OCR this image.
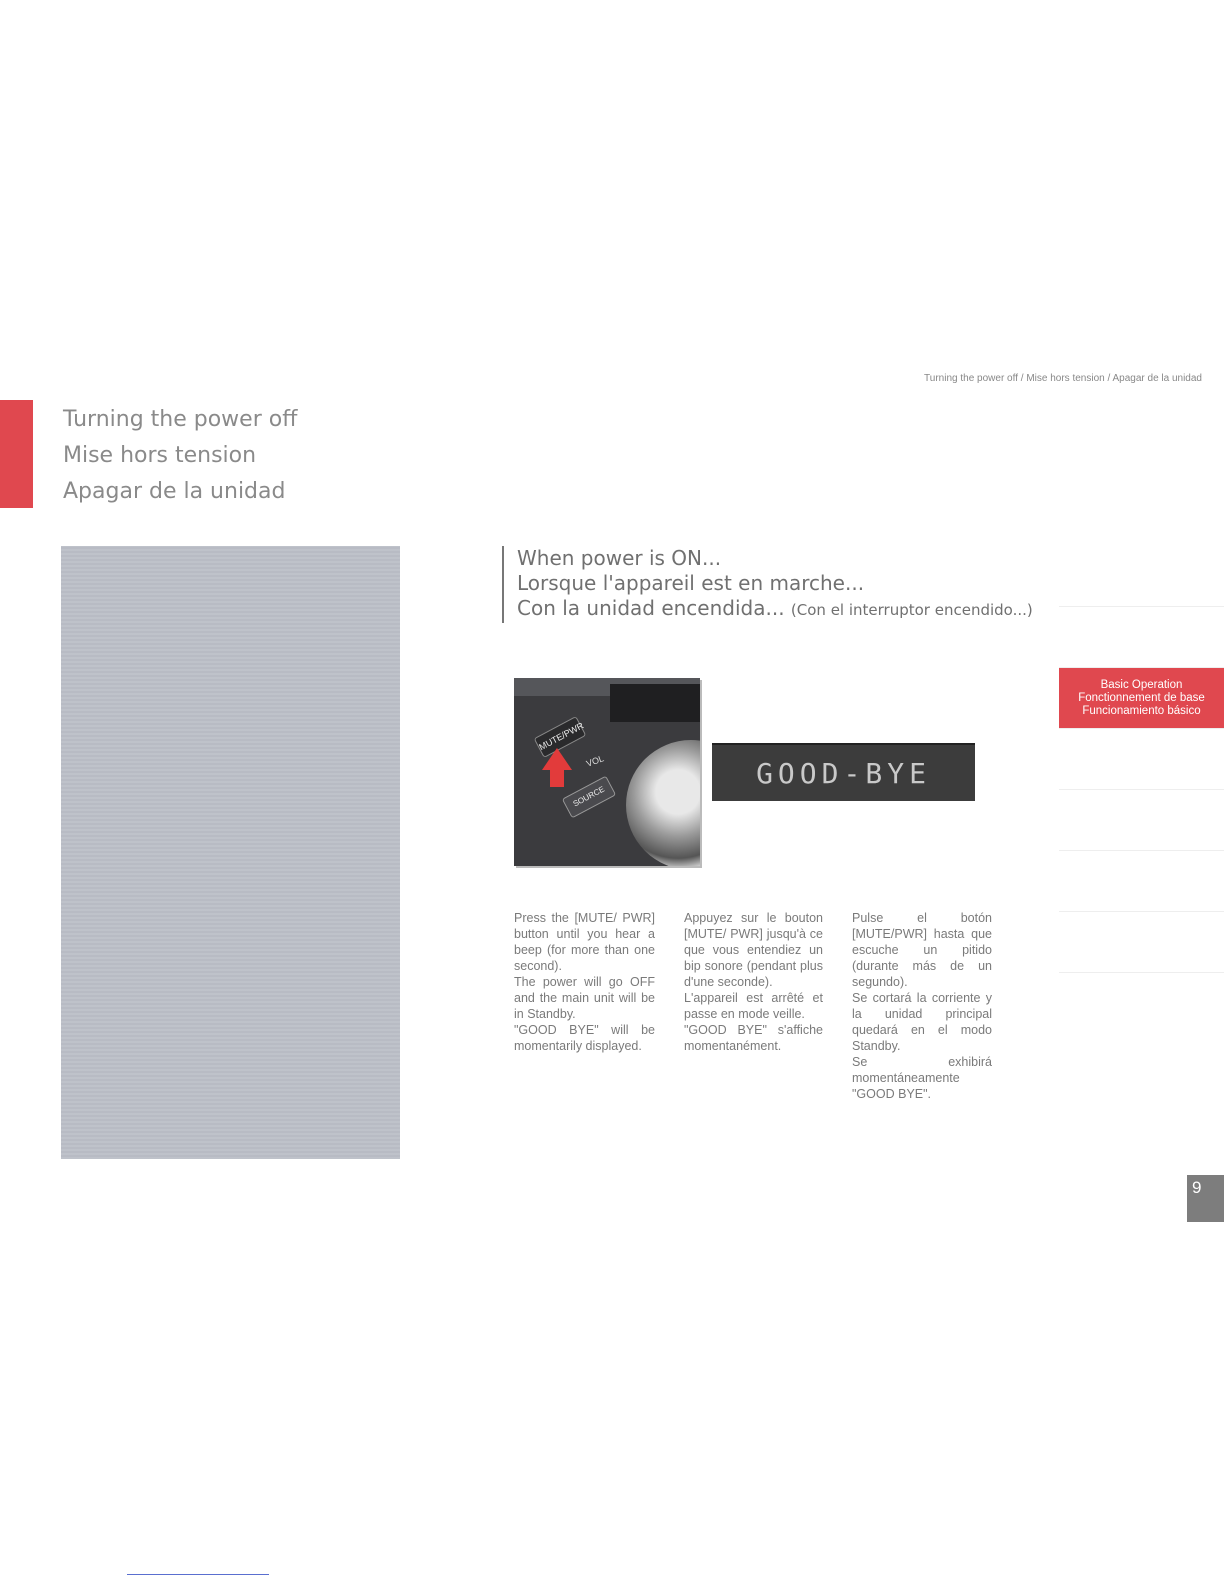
Turning the power off / Mise hors tension / Apagar de la unidad
Turning the power off
Mise hors tension
Apagar de la unidad
When power is ON...
Lorsque l'appareil est en marche...
Con la unidad encendida... (Con el interruptor encendido...)
MUTE/PWR
VOL
SOURCE
GOOD-BYE

Press the [MUTE/ PWR] button until you hear a beep (for more than one second).

The power will go OFF and the main unit will be in Standby.

"GOOD BYE" will be momentarily displayed.

Appuyez sur le bouton [MUTE/ PWR] jusqu'à ce que vous entendiez un bip sonore (pendant plus d'une seconde).

L'appareil est arrêté et passe en mode veille.

"GOOD BYE" s'affiche momentanément.

Pulse el botón [MUTE/PWR] hasta que escuche un pitido (durante más de un segundo).

Se cortará la corriente y la unidad principal quedará en el modo Standby.

Se exhibirá momentáneamente "GOOD BYE".

Basic Operation
Fonctionnement de base
Funcionamiento básico
9
